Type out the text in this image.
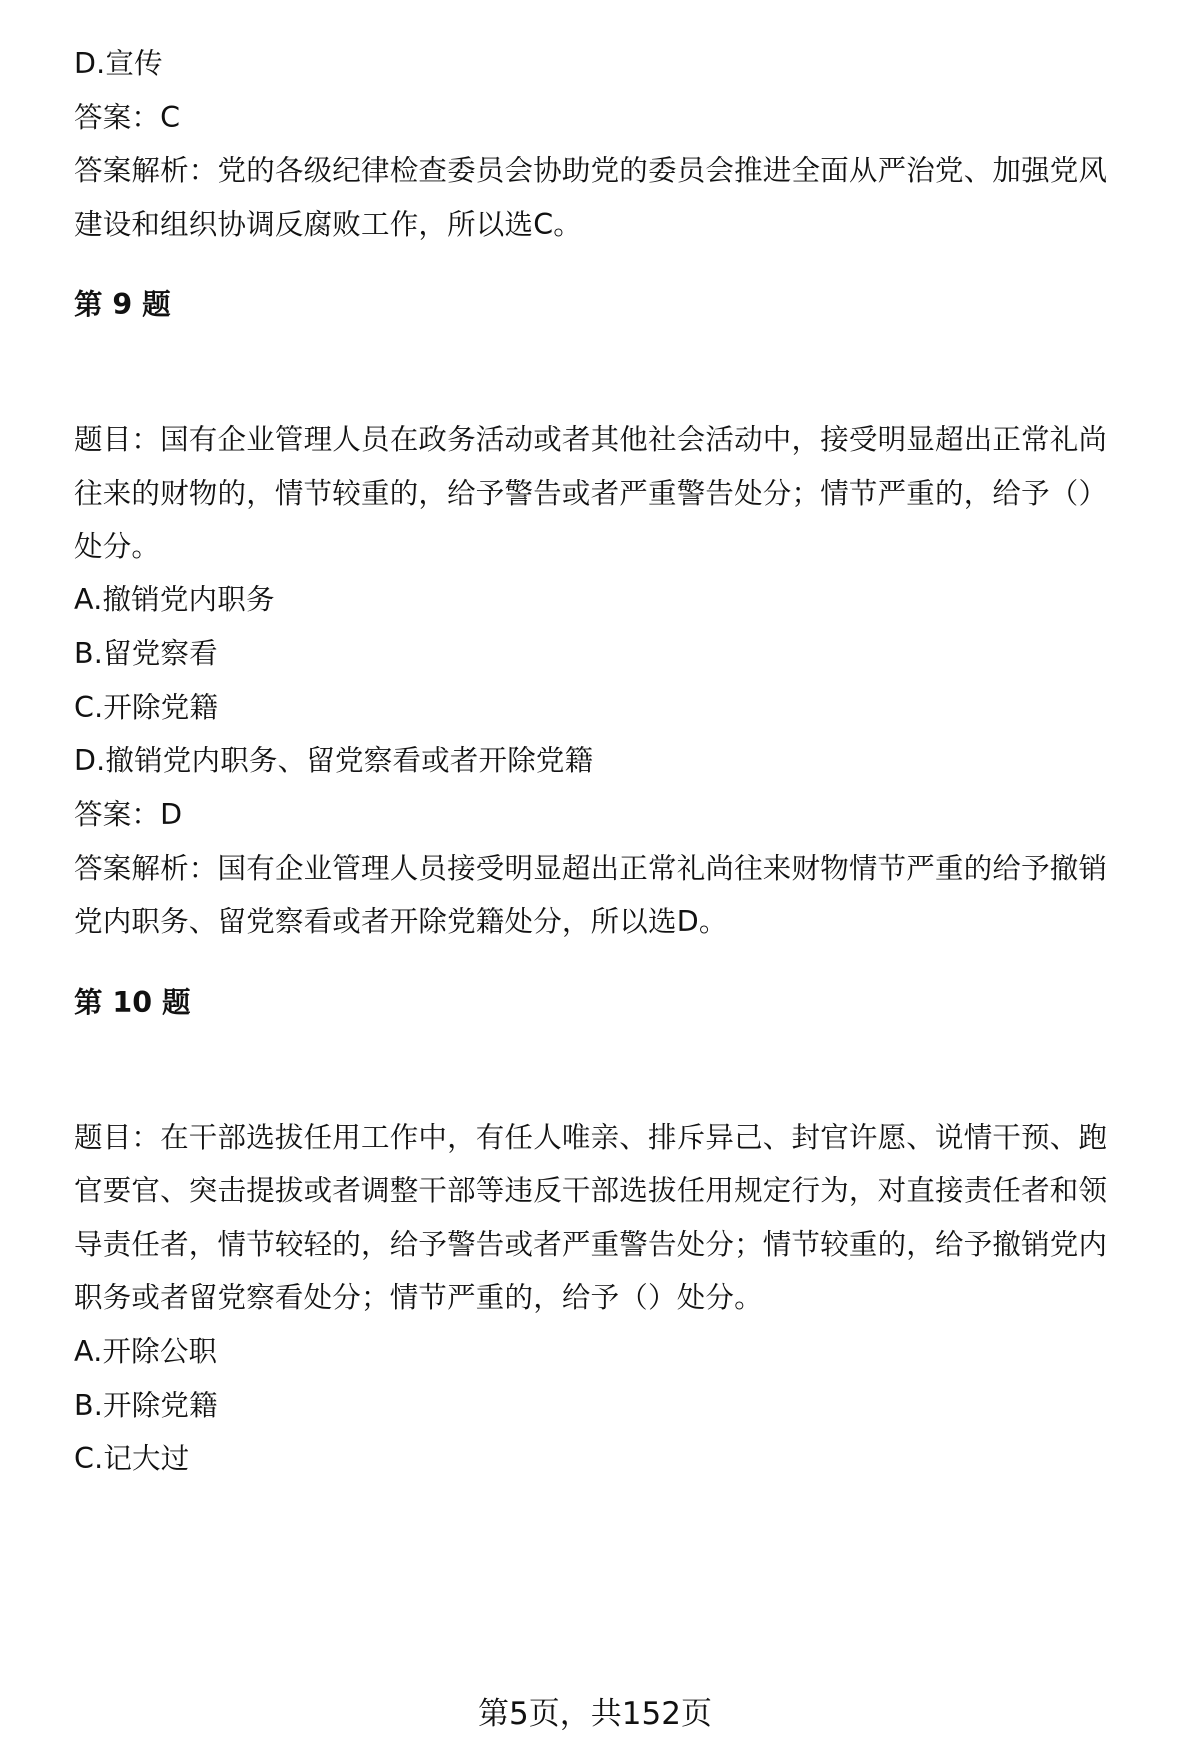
D.宣传
答案：C
答案解析：党的各级纪律检查委员会协助党的委员会推进全面从严治党、加强党风
建设和组织协调反腐败工作，所以选C。
第 9 题
题目：国有企业管理人员在政务活动或者其他社会活动中，接受明显超出正常礼尚
往来的财物的，情节较重的，给予警告或者严重警告处分；情节严重的，给予（）
处分。
A.撤销党内职务
B.留党察看
C.开除党籍
D.撤销党内职务、留党察看或者开除党籍
答案：D
答案解析：国有企业管理人员接受明显超出正常礼尚往来财物情节严重的给予撤销
党内职务、留党察看或者开除党籍处分，所以选D。
第 10 题
题目：在干部选拔任用工作中，有任人唯亲、排斥异己、封官许愿、说情干预、跑
官要官、突击提拔或者调整干部等违反干部选拔任用规定行为，对直接责任者和领
导责任者，情节较轻的，给予警告或者严重警告处分；情节较重的，给予撤销党内
职务或者留党察看处分；情节严重的，给予（）处分。
A.开除公职
B.开除党籍
C.记大过
第5页，共152页
